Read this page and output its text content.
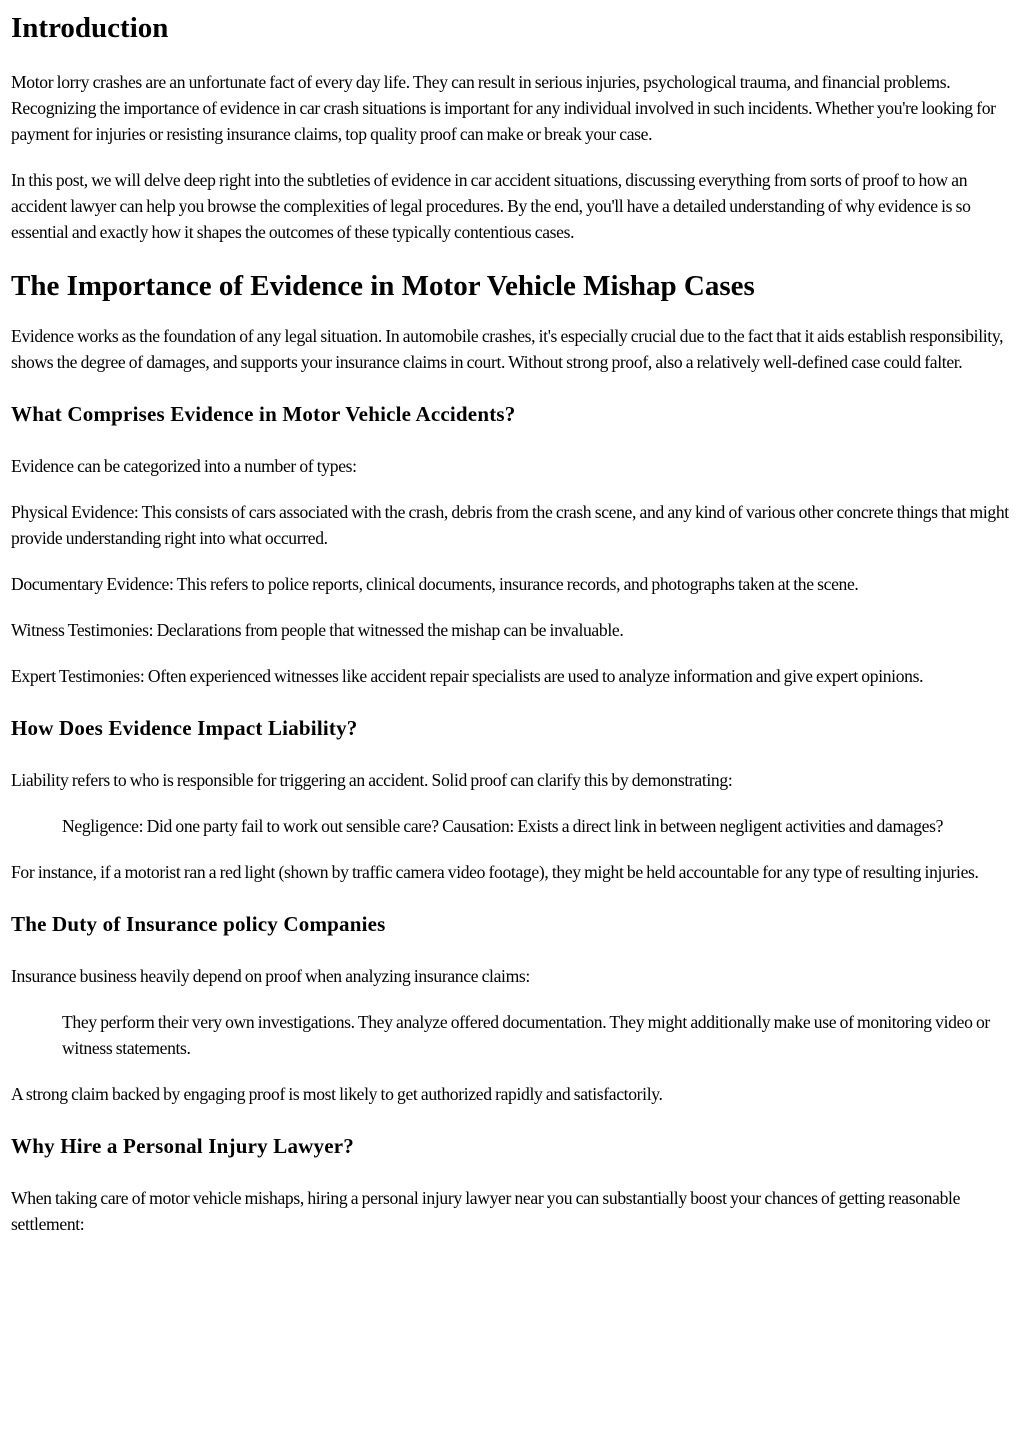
Introduction

Motor lorry crashes are an unfortunate fact of every day life. They can result in serious injuries, psychological trauma, and financial problems. Recognizing the importance of evidence in car crash situations is important for any individual involved in such incidents. Whether you're looking for payment for injuries or resisting insurance claims, top quality proof can make or break your case.

In this post, we will delve deep right into the subtleties of evidence in car accident situations, discussing everything from sorts of proof to how an accident lawyer can help you browse the complexities of legal procedures. By the end, you'll have a detailed understanding of why evidence is so essential and exactly how it shapes the outcomes of these typically contentious cases.

The Importance of Evidence in Motor Vehicle Mishap Cases

Evidence works as the foundation of any legal situation. In automobile crashes, it's especially crucial due to the fact that it aids establish responsibility, shows the degree of damages, and supports your insurance claims in court. Without strong proof, also a relatively well-defined case could falter.

What Comprises Evidence in Motor Vehicle Accidents?

Evidence can be categorized into a number of types:

Physical Evidence: This consists of cars associated with the crash, debris from the crash scene, and any kind of various other concrete things that might provide understanding right into what occurred.

Documentary Evidence: This refers to police reports, clinical documents, insurance records, and photographs taken at the scene.

Witness Testimonies: Declarations from people that witnessed the mishap can be invaluable.

Expert Testimonies: Often experienced witnesses like accident repair specialists are used to analyze information and give expert opinions.

How Does Evidence Impact Liability?

Liability refers to who is responsible for triggering an accident. Solid proof can clarify this by demonstrating:

Negligence: Did one party fail to work out sensible care? Causation: Exists a direct link in between negligent activities and damages?

For instance, if a motorist ran a red light (shown by traffic camera video footage), they might be held accountable for any type of resulting injuries.

The Duty of Insurance policy Companies

Insurance business heavily depend on proof when analyzing insurance claims:

They perform their very own investigations. They analyze offered documentation. They might additionally make use of monitoring video or witness statements.

A strong claim backed by engaging proof is most likely to get authorized rapidly and satisfactorily.

Why Hire a Personal Injury Lawyer?

When taking care of motor vehicle mishaps, hiring a personal injury lawyer near you can substantially boost your chances of getting reasonable settlement:
